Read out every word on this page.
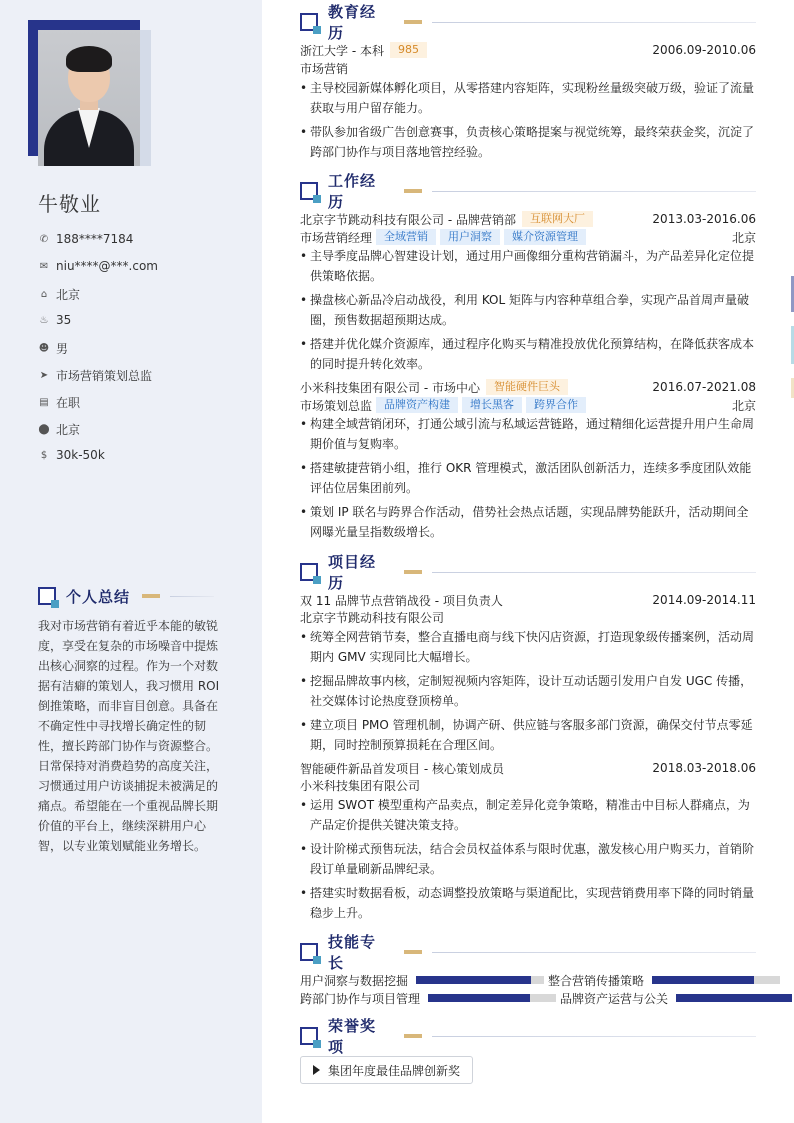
牛敬业
✆ 188****7184
✉ niu****@***.com
⌂ 北京
♨ 35
☻ 男
➤ 市场营销策划总监
▤ 在职
⬤ 北京
$ 30k-50k
个人总结
我对市场营销有着近乎本能的敏锐度，享受在复杂的市场噪音中提炼出核心洞察的过程。作为一个对数据有洁癖的策划人，我习惯用 ROI 倒推策略，而非盲目创意。具备在不确定性中寻找增长确定性的韧性，擅长跨部门协作与资源整合。日常保持对消费趋势的高度关注，习惯通过用户访谈捕捉未被满足的痛点。希望能在一个重视品牌长期价值的平台上，继续深耕用户心智，以专业策划赋能业务增长。
教育经历
浙江大学 - 本科	985	2006.09-2010.06
市场营销
• 主导校园新媒体孵化项目，从零搭建内容矩阵，实现粉丝量级突破万级，验证了流量获取与用户留存能力。
• 带队参加省级广告创意赛事，负责核心策略提案与视觉统筹，最终荣获金奖，沉淀了跨部门协作与项目落地管控经验。
工作经历
北京字节跳动科技有限公司 - 品牌营销部	互联网大厂	2013.03-2016.06
市场营销经理	全域营销	用户洞察	媒介资源管理	北京
• 主导季度品牌心智建设计划，通过用户画像细分重构营销漏斗，为产品差异化定位提供策略依据。
• 操盘核心新品冷启动战役，利用 KOL 矩阵与内容种草组合拳，实现产品首周声量破圈，预售数据超预期达成。
• 搭建并优化媒介资源库，通过程序化购买与精准投放优化预算结构，在降低获客成本的同时提升转化效率。
小米科技集团有限公司 - 市场中心	智能硬件巨头	2016.07-2021.08
市场策划总监	品牌资产构建	增长黑客	跨界合作	北京
• 构建全域营销闭环，打通公域引流与私域运营链路，通过精细化运营提升用户生命周期价值与复购率。
• 搭建敏捷营销小组，推行 OKR 管理模式，激活团队创新活力，连续多季度团队效能评估位居集团前列。
• 策划 IP 联名与跨界合作活动，借势社会热点话题，实现品牌势能跃升，活动期间全网曝光量呈指数级增长。
项目经历
双 11 品牌节点营销战役 - 项目负责人	2014.09-2014.11
北京字节跳动科技有限公司
• 统筹全网营销节奏，整合直播电商与线下快闪店资源，打造现象级传播案例，活动周期内 GMV 实现同比大幅增长。
• 挖掘品牌故事内核，定制短视频内容矩阵，设计互动话题引发用户自发 UGC 传播，社交媒体讨论热度登顶榜单。
• 建立项目 PMO 管理机制，协调产研、供应链与客服多部门资源，确保交付节点零延期，同时控制预算损耗在合理区间。
智能硬件新品首发项目 - 核心策划成员	2018.03-2018.06
小米科技集团有限公司
• 运用 SWOT 模型重构产品卖点，制定差异化竞争策略，精准击中目标人群痛点，为产品定价提供关键决策支持。
• 设计阶梯式预售玩法，结合会员权益体系与限时优惠，激发核心用户购买力，首销阶段订单量刷新品牌纪录。
• 搭建实时数据看板，动态调整投放策略与渠道配比，实现营销费用率下降的同时销量稳步上升。
技能专长
用户洞察与数据挖掘	整合营销传播策略
跨部门协作与项目管理	品牌资产运营与公关
荣誉奖项
集团年度最佳品牌创新奖
